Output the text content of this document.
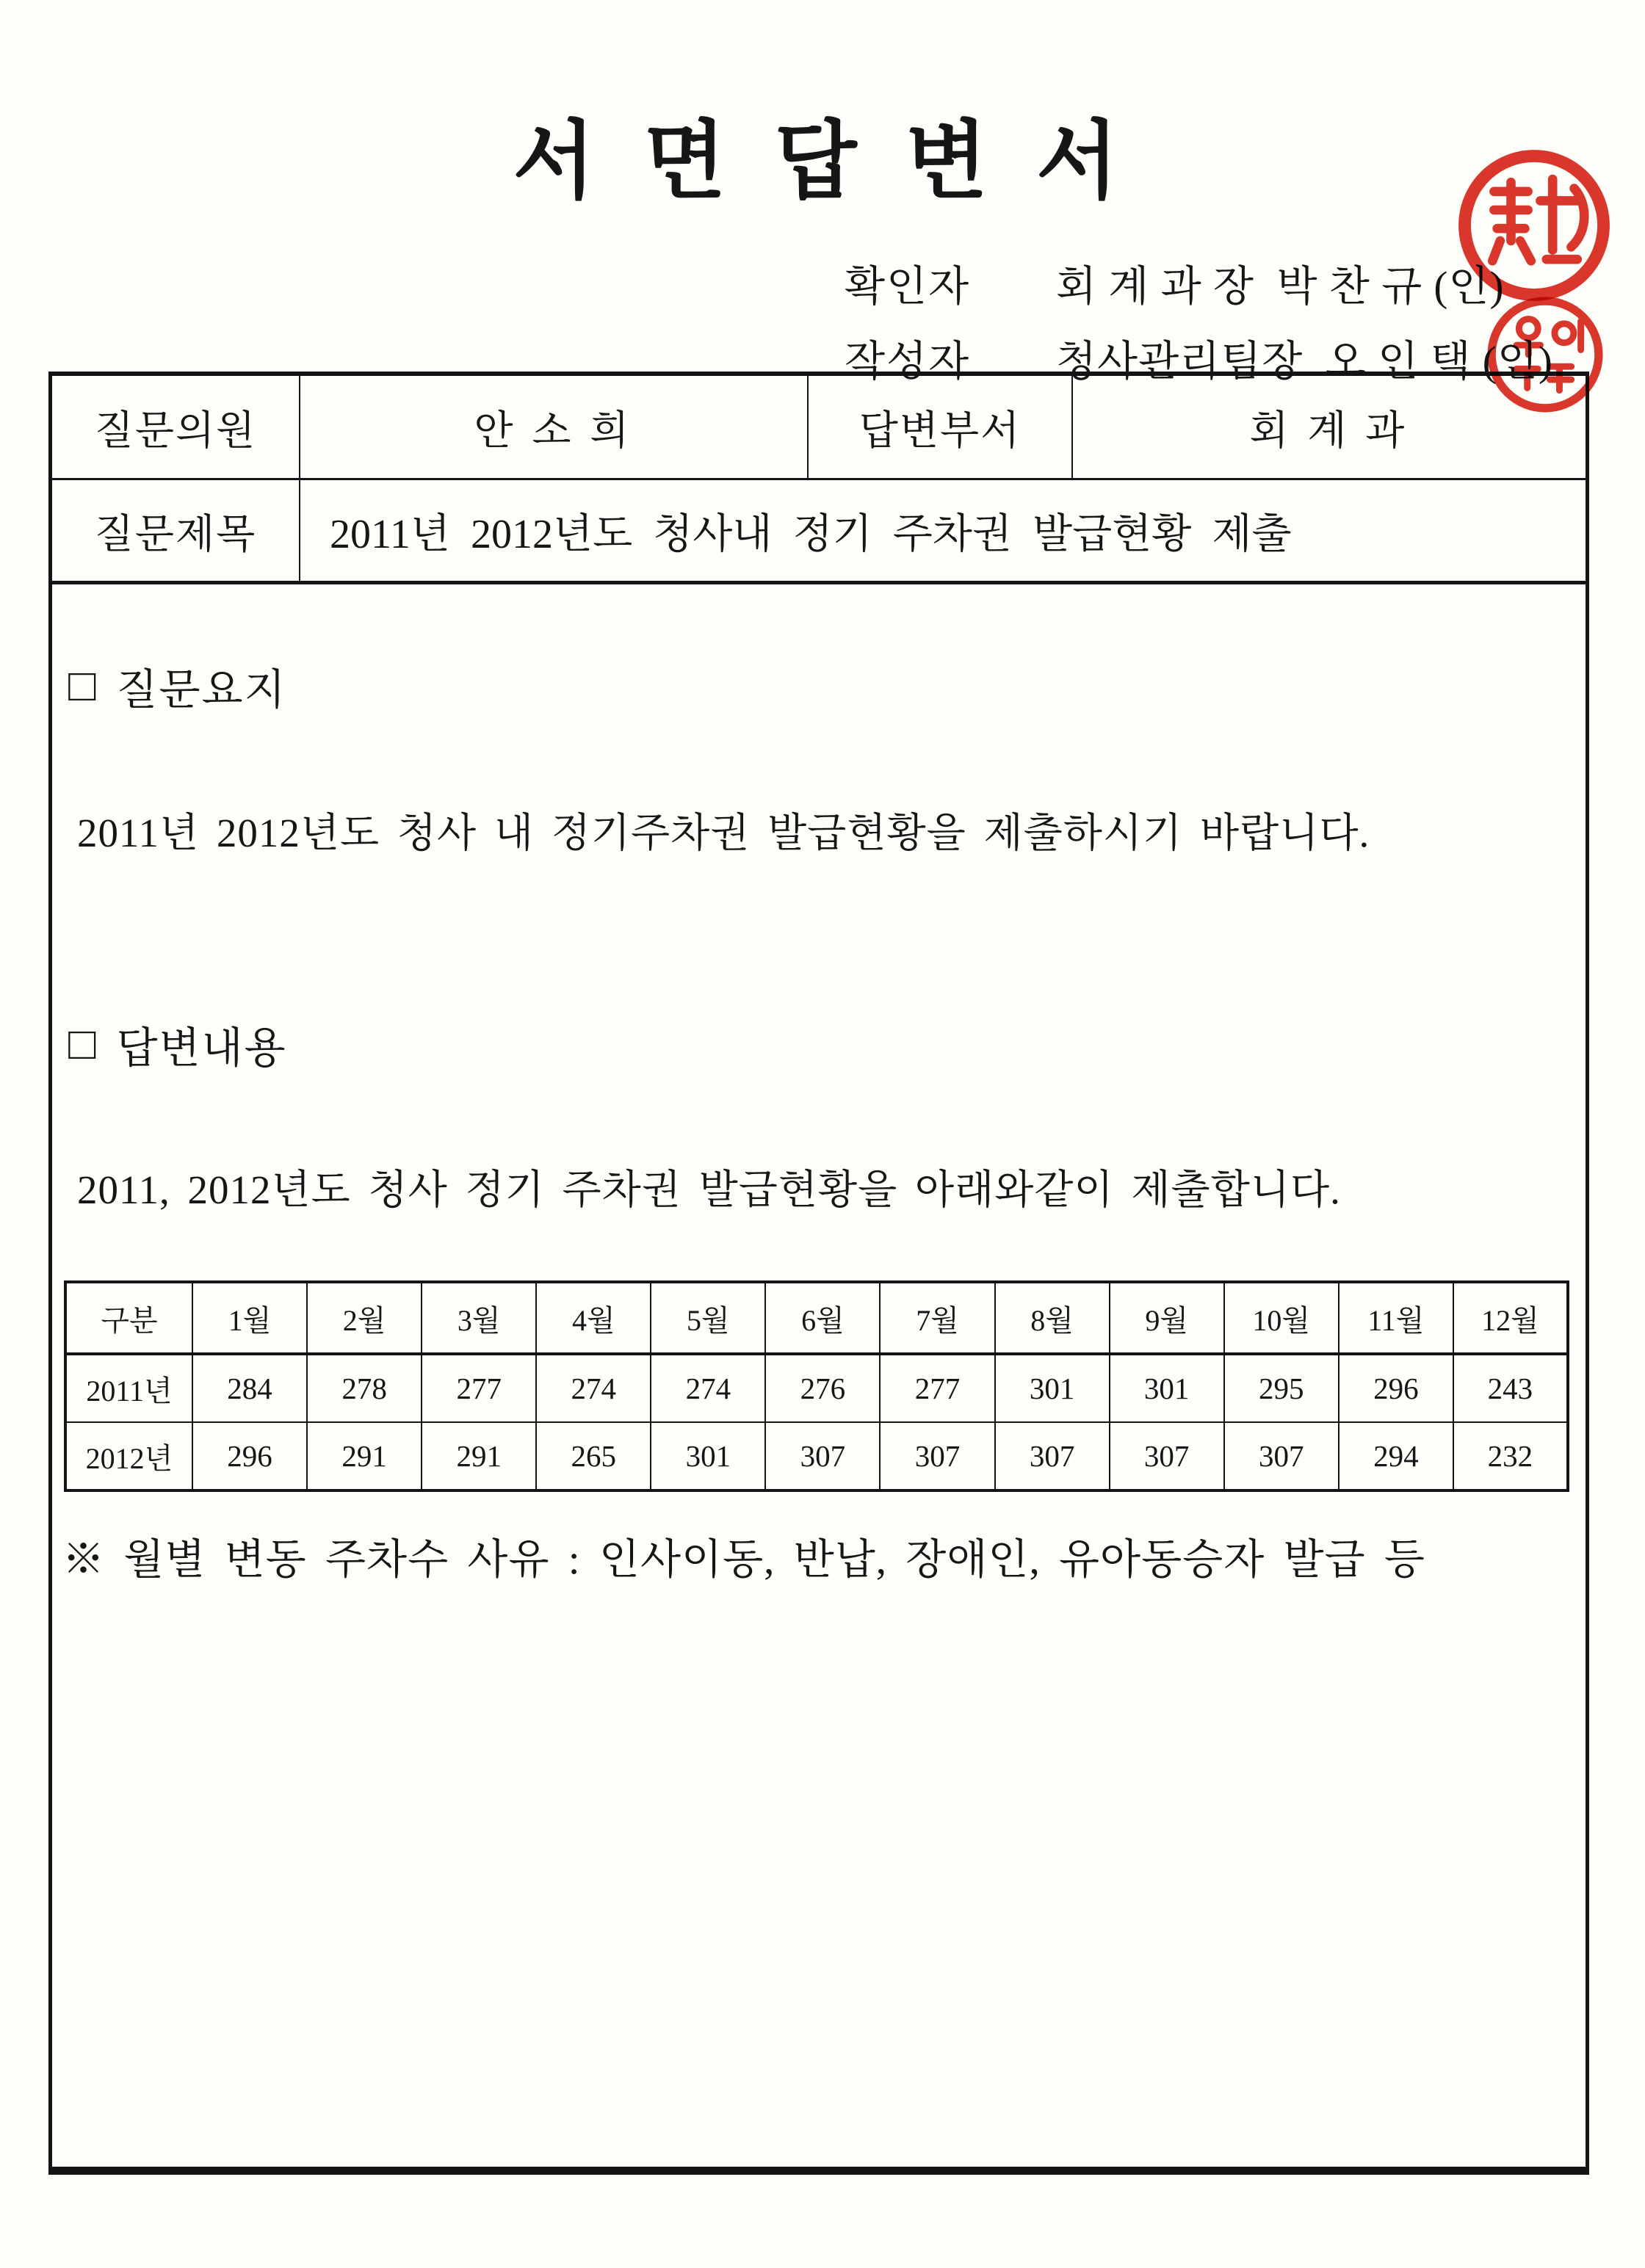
서 면 답 변 서
확인자	회 계 과 장  박 찬 규 (인)
작성자	청사관리팀장  오 인 택 (인)
질문의원	안 소 희	답변부서	회 계 과
질문제목	2011년 2012년도 청사내 정기 주차권 발급현황 제출
□ 질문요지
2011년 2012년도 청사 내 정기주차권 발급현황을 제출하시기 바랍니다.
□ 답변내용
2011, 2012년도 청사 정기 주차권 발급현황을 아래와같이 제출합니다.
구분	1월	2월	3월	4월	5월	6월	7월	8월	9월	10월	11월	12월
2011년	284	278	277	274	274	276	277	301	301	295	296	243
2012년	296	291	291	265	301	307	307	307	307	307	294	232
※ 월별 변동 주차수 사유 : 인사이동, 반납, 장애인, 유아동승자 발급 등
